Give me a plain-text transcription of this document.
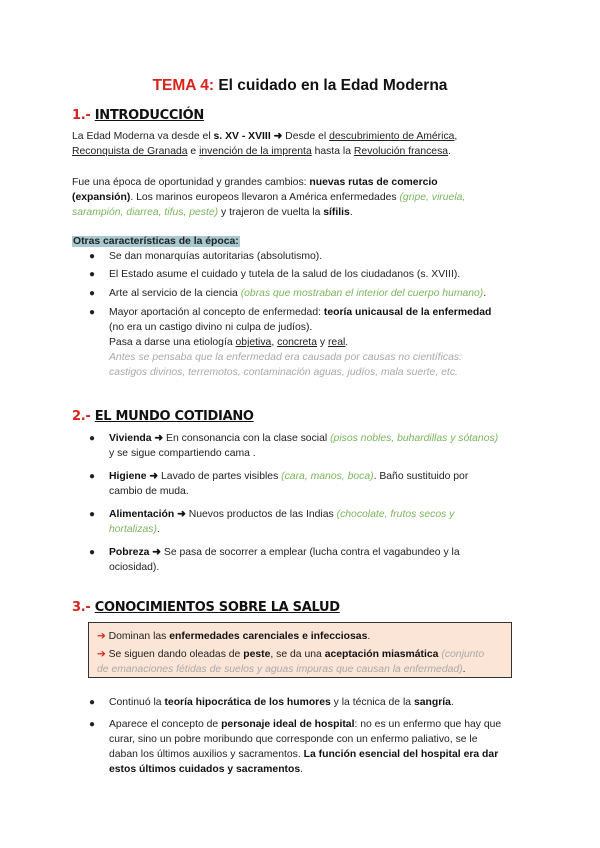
TEMA 4: El cuidado en la Edad Moderna
1.- INTRODUCCIÓN
La Edad Moderna va desde el s. XV - XVIII ➜ Desde el descubrimiento de América,
Reconquista de Granada e invención de la imprenta hasta la Revolución francesa.
Fue una época de oportunidad y grandes cambios: nuevas rutas de comercio
(expansión). Los marinos europeos llevaron a América enfermedades (gripe, viruela,
sarampión, diarrea, tifus, peste) y trajeron de vuelta la sífilis.
Otras características de la época:
● Se dan monarquías autoritarias (absolutismo).
● El Estado asume el cuidado y tutela de la salud de los ciudadanos (s. XVIII).
● Arte al servicio de la ciencia (obras que mostraban el interior del cuerpo humano).
● Mayor aportación al concepto de enfermedad: teoría unicausal de la enfermedad
(no era un castigo divino ni culpa de judíos).
Pasa a darse una etiología objetiva, concreta y real.
Antes se pensaba que la enfermedad era causada por causas no científicas:
castigos divinos, terremotos, contaminación aguas, judíos, mala suerte, etc.
2.- EL MUNDO COTIDIANO
● Vivienda ➜ En consonancia con la clase social (pisos nobles, buhardillas y sótanos)
y se sigue compartiendo cama .
● Higiene ➜ Lavado de partes visibles (cara, manos, boca). Baño sustituido por
cambio de muda.
● Alimentación ➜ Nuevos productos de las Indias (chocolate, frutos secos y
hortalizas).
● Pobreza ➜ Se pasa de socorrer a emplear (lucha contra el vagabundeo y la
ociosidad).
3.- CONOCIMIENTOS SOBRE LA SALUD
➔ Dominan las enfermedades carenciales e infecciosas.
➔ Se siguen dando oleadas de peste, se da una aceptación miasmática (conjunto
de emanaciones fétidas de suelos y aguas impuras que causan la enfermedad).
● Continuó la teoría hipocrática de los humores y la técnica de la sangría.
● Aparece el concepto de personaje ideal de hospital: no es un enfermo que hay que
curar, sino un pobre moribundo que corresponde con un enfermo paliativo, se le
daban los últimos auxilios y sacramentos. La función esencial del hospital era dar
estos últimos cuidados y sacramentos.
